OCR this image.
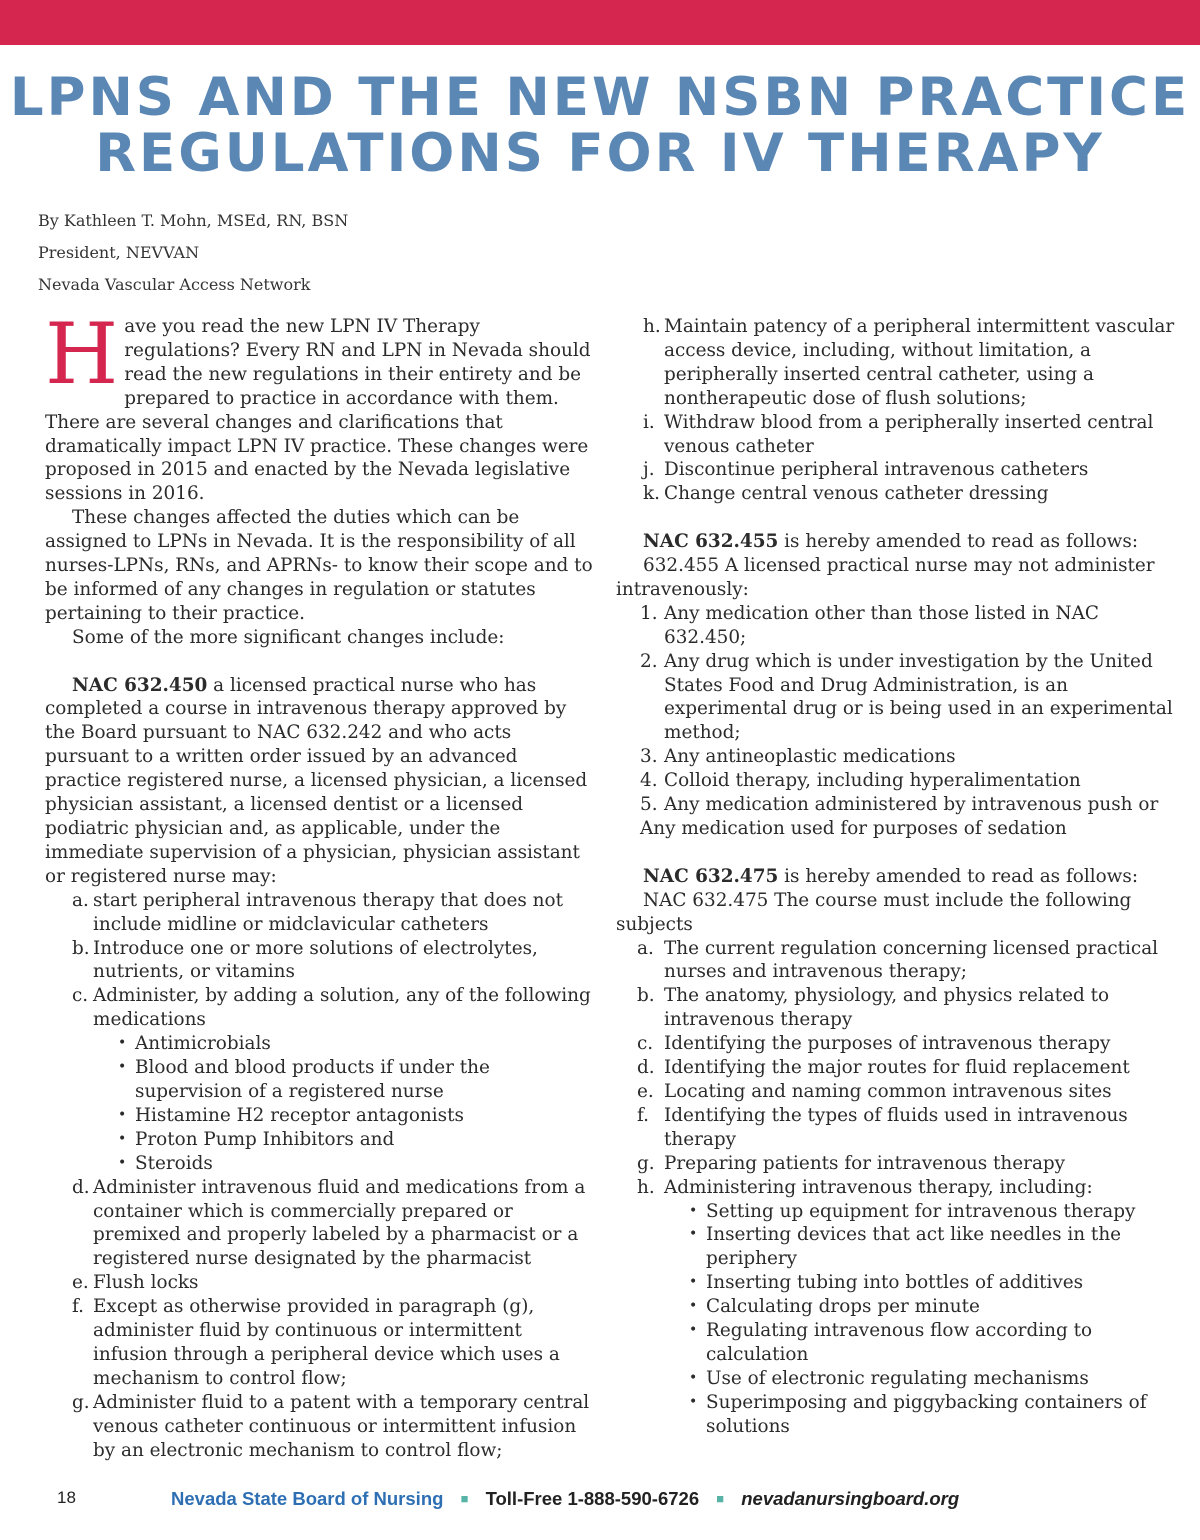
LPNS AND THE NEW NSBN PRACTICE
REGULATIONS FOR IV THERAPY
By Kathleen T. Mohn, MSEd, RN, BSN
President, NEVVAN
Nevada Vascular Access Network

Have you read the new LPN IV Therapy regulations? Every RN and LPN in Nevada should read the new regulations in their entirety and be prepared to practice in accordance with them. There are several changes and clarifications that dramatically impact LPN IV practice. These changes were proposed in 2015 and enacted by the Nevada legislative sessions in 2016.

These changes affected the duties which can be assigned to LPNs in Nevada. It is the responsibility of all nurses-LPNs, RNs, and APRNs- to know their scope and to be informed of any changes in regulation or statutes pertaining to their practice.

Some of the more significant changes include:

NAC 632.450 a licensed practical nurse who has completed a course in intravenous therapy approved by the Board pursuant to NAC 632.242 and who acts pursuant to a written order issued by an advanced practice registered nurse, a licensed physician, a licensed physician assistant, a licensed dentist or a licensed podiatric physician and, as applicable, under the immediate supervision of a physician, physician assistant or registered nurse may:

a. start peripheral intravenous therapy that does not include midline or midclavicular catheters
b. Introduce one or more solutions of electrolytes, nutrients, or vitamins
c. Administer, by adding a solution, any of the following medications
• Antimicrobials
• Blood and blood products if under the supervision of a registered nurse
• Histamine H2 receptor antagonists
• Proton Pump Inhibitors and
• Steroids
d. Administer intravenous fluid and medications from a container which is commercially prepared or premixed and properly labeled by a pharmacist or a registered nurse designated by the pharmacist
e. Flush locks
f. Except as otherwise provided in paragraph (g), administer fluid by continuous or intermittent infusion through a peripheral device which uses a mechanism to control flow;
g. Administer fluid to a patent with a temporary central venous catheter continuous or intermittent infusion by an electronic mechanism to control flow;
h. Maintain patency of a peripheral intermittent vascular access device, including, without limitation, a peripherally inserted central catheter, using a nontherapeutic dose of flush solutions;
i. Withdraw blood from a peripherally inserted central venous catheter
j. Discontinue peripheral intravenous catheters
k. Change central venous catheter dressing

NAC 632.455 is hereby amended to read as follows:

632.455 A licensed practical nurse may not administer intravenously:

1. Any medication other than those listed in NAC 632.450;
2. Any drug which is under investigation by the United States Food and Drug Administration, is an experimental drug or is being used in an experimental method;
3. Any antineoplastic medications
4. Colloid therapy, including hyperalimentation
5. Any medication administered by intravenous push or

Any medication used for purposes of sedation

NAC 632.475 is hereby amended to read as follows:

NAC 632.475 The course must include the following subjects

a. The current regulation concerning licensed practical nurses and intravenous therapy;
b. The anatomy, physiology, and physics related to intravenous therapy
c. Identifying the purposes of intravenous therapy
d. Identifying the major routes for fluid replacement
e. Locating and naming common intravenous sites
f. Identifying the types of fluids used in intravenous therapy
g. Preparing patients for intravenous therapy
h. Administering intravenous therapy, including:
• Setting up equipment for intravenous therapy
• Inserting devices that act like needles in the periphery
• Inserting tubing into bottles of additives
• Calculating drops per minute
• Regulating intravenous flow according to calculation
• Use of electronic regulating mechanisms
• Superimposing and piggybacking containers of solutions
18	Nevada State Board of Nursing ■ Toll-Free 1-888-590-6726 ■ nevadanursingboard.org
